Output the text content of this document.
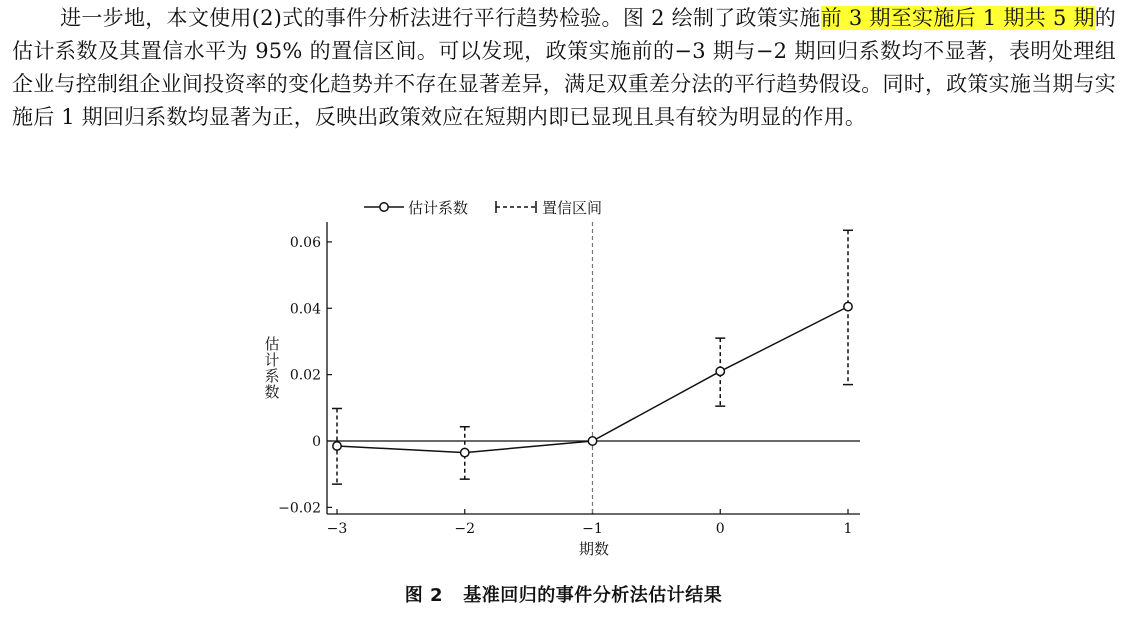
进一步地，本文使用(2)式的事件分析法进行平行趋势检验。图 2 绘制了政策实施前 3 期至实施后 1 期共 5 期的估计系数及其置信水平为 95% 的置信区间。可以发现，政策实施前的−3 期与−2 期回归系数均不显著，表明处理组企业与控制组企业间投资率的变化趋势并不存在显著差异，满足双重差分法的平行趋势假设。同时，政策实施当期与实施后 1 期回归系数均显著为正，反映出政策效应在短期内即已显现且具有较为明显的作用。

估计系数	置信区间
−0.02
0
0.02
0.04
0.06
−3	−2	−1	0	1
期数
估计系数
图 2 基准回归的事件分析法估计结果
